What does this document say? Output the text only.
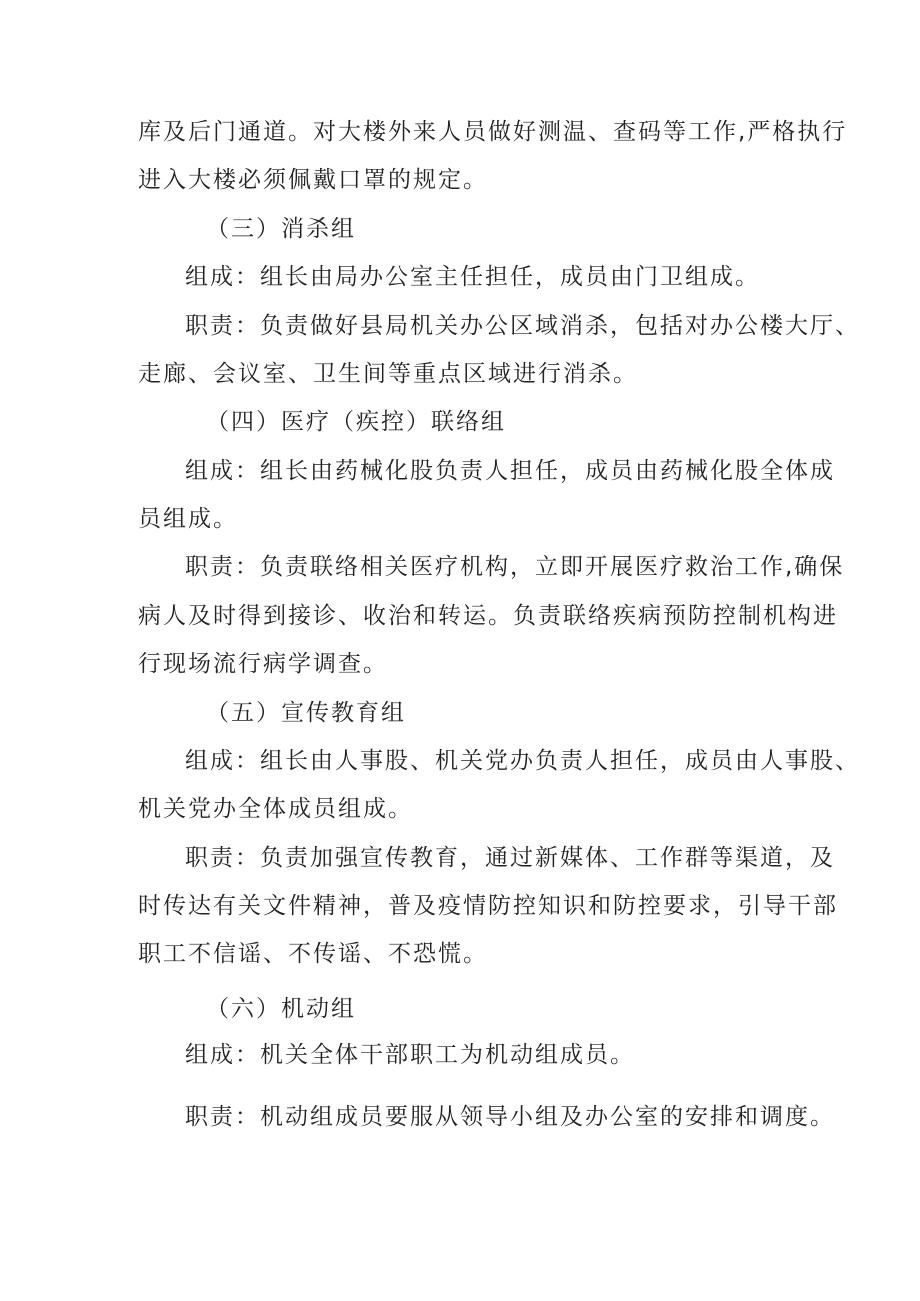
库及后门通道。对大楼外来人员做好测温、查码等工作,严格执行
进入大楼必须佩戴口罩的规定。
（三）消杀组
组成：组长由局办公室主任担任，成员由门卫组成。
职责：负责做好县局机关办公区域消杀，包括对办公楼大厅、
走廊、会议室、卫生间等重点区域进行消杀。
（四）医疗（疾控）联络组
组成：组长由药械化股负责人担任，成员由药械化股全体成
员组成。
职责：负责联络相关医疗机构，立即开展医疗救治工作,确保
病人及时得到接诊、收治和转运。负责联络疾病预防控制机构进
行现场流行病学调查。
（五）宣传教育组
组成：组长由人事股、机关党办负责人担任，成员由人事股、
机关党办全体成员组成。
职责：负责加强宣传教育，通过新媒体、工作群等渠道，及
时传达有关文件精神，普及疫情防控知识和防控要求，引导干部
职工不信谣、不传谣、不恐慌。
（六）机动组
组成：机关全体干部职工为机动组成员。
职责：机动组成员要服从领导小组及办公室的安排和调度。
